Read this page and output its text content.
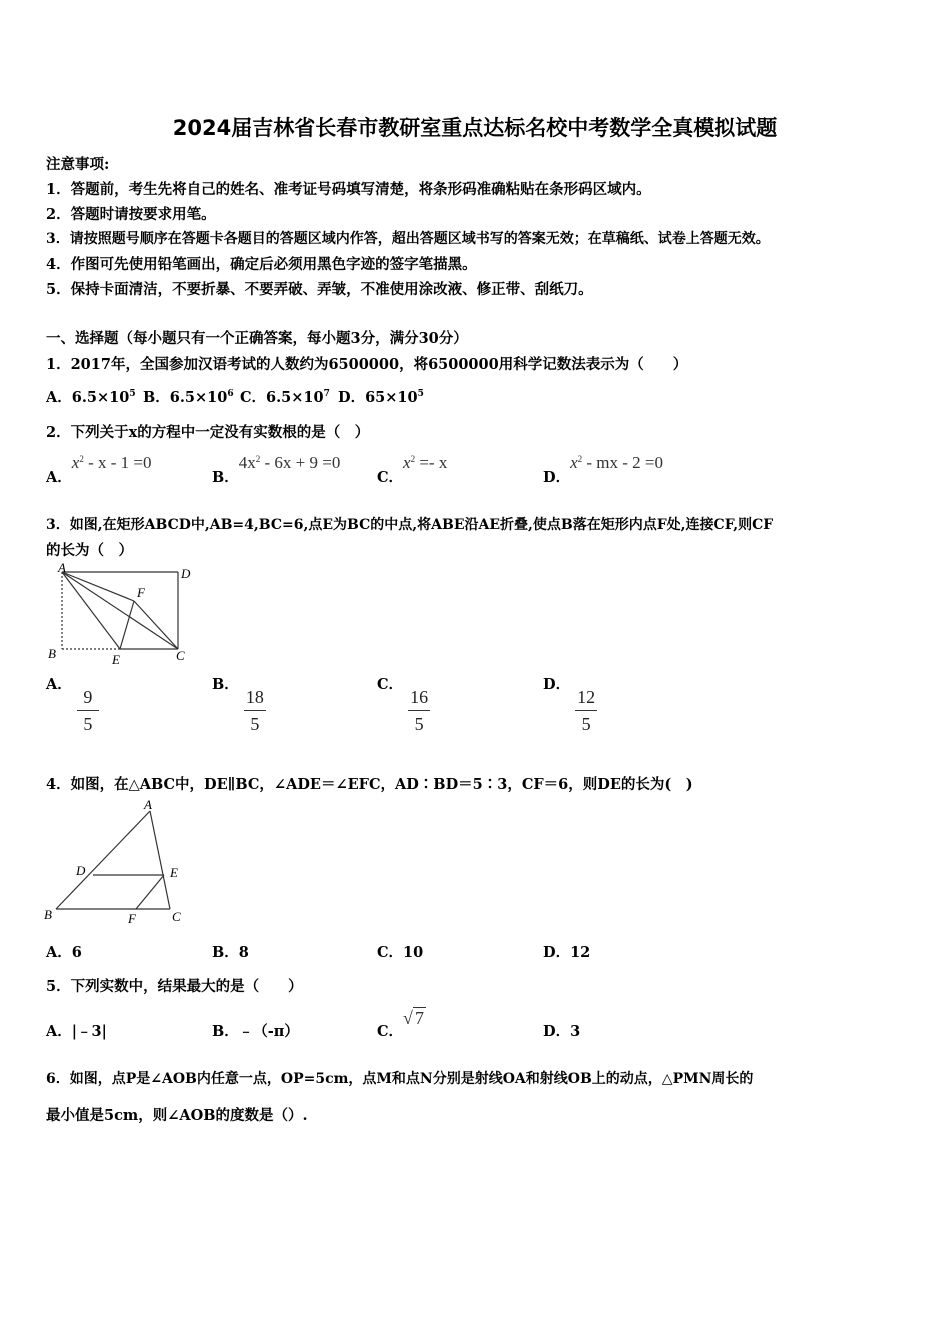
2024届吉林省长春市教研室重点达标名校中考数学全真模拟试题
注意事项:
1．答题前，考生先将自己的姓名、准考证号码填写清楚，将条形码准确粘贴在条形码区域内。
2．答题时请按要求用笔。
3．请按照题号顺序在答题卡各题目的答题区域内作答，超出答题区域书写的答案无效；在草稿纸、试卷上答题无效。
4．作图可先使用铅笔画出，确定后必须用黑色字迹的签字笔描黑。
5．保持卡面清洁，不要折暴、不要弄破、弄皱，不准使用涂改液、修正带、刮纸刀。
一、选择题（每小题只有一个正确答案，每小题3分，满分30分）
1．2017年，全国参加汉语考试的人数约为6500000，将6500000用科学记数法表示为（　　）
A．$6.5\times 10^5$ B．$6.5\times 10^6$ C．$6.5\times 10^7$ D．$65\times 10^5$
2．下列关于x的方程中一定没有实数根的是（　）
A．$x^2 - x - 1 =0$
B．$4x^2 - 6x + 9 =0$
C．$x^2 =- x$
D．$x^2$ - mx - 2 =0
3．如图,在矩形ABCD中,AB=4,BC=6,点E为BC的中点,将ABE沿AE折叠,使点B落在矩形内点F处,连接CF,则CF
的长为（　）
A	D
F
B	E	C
A．
$\frac{9}{5}$
B．
$\frac{18}{5}$
C．
$\frac{16}{5}$
D．
$\frac{12}{5}$
4．如图，在△ABC中，DE∥BC，∠ADE＝∠EFC，AD∶BD＝5∶3，CF＝6，则DE的长为(　)
A
D	E
B	F	C
A．6	B．8	C．10	D．12
5．下列实数中，结果最大的是（　　）
A．|﹣3|	B．﹣（-π）	C．√ 7
D．3
6．如图，点P是∠AOB内任意一点，OP=5cm，点M和点N分别是射线OA和射线OB上的动点，△PMN周长的
最小值是5cm，则∠AOB的度数是（）.
